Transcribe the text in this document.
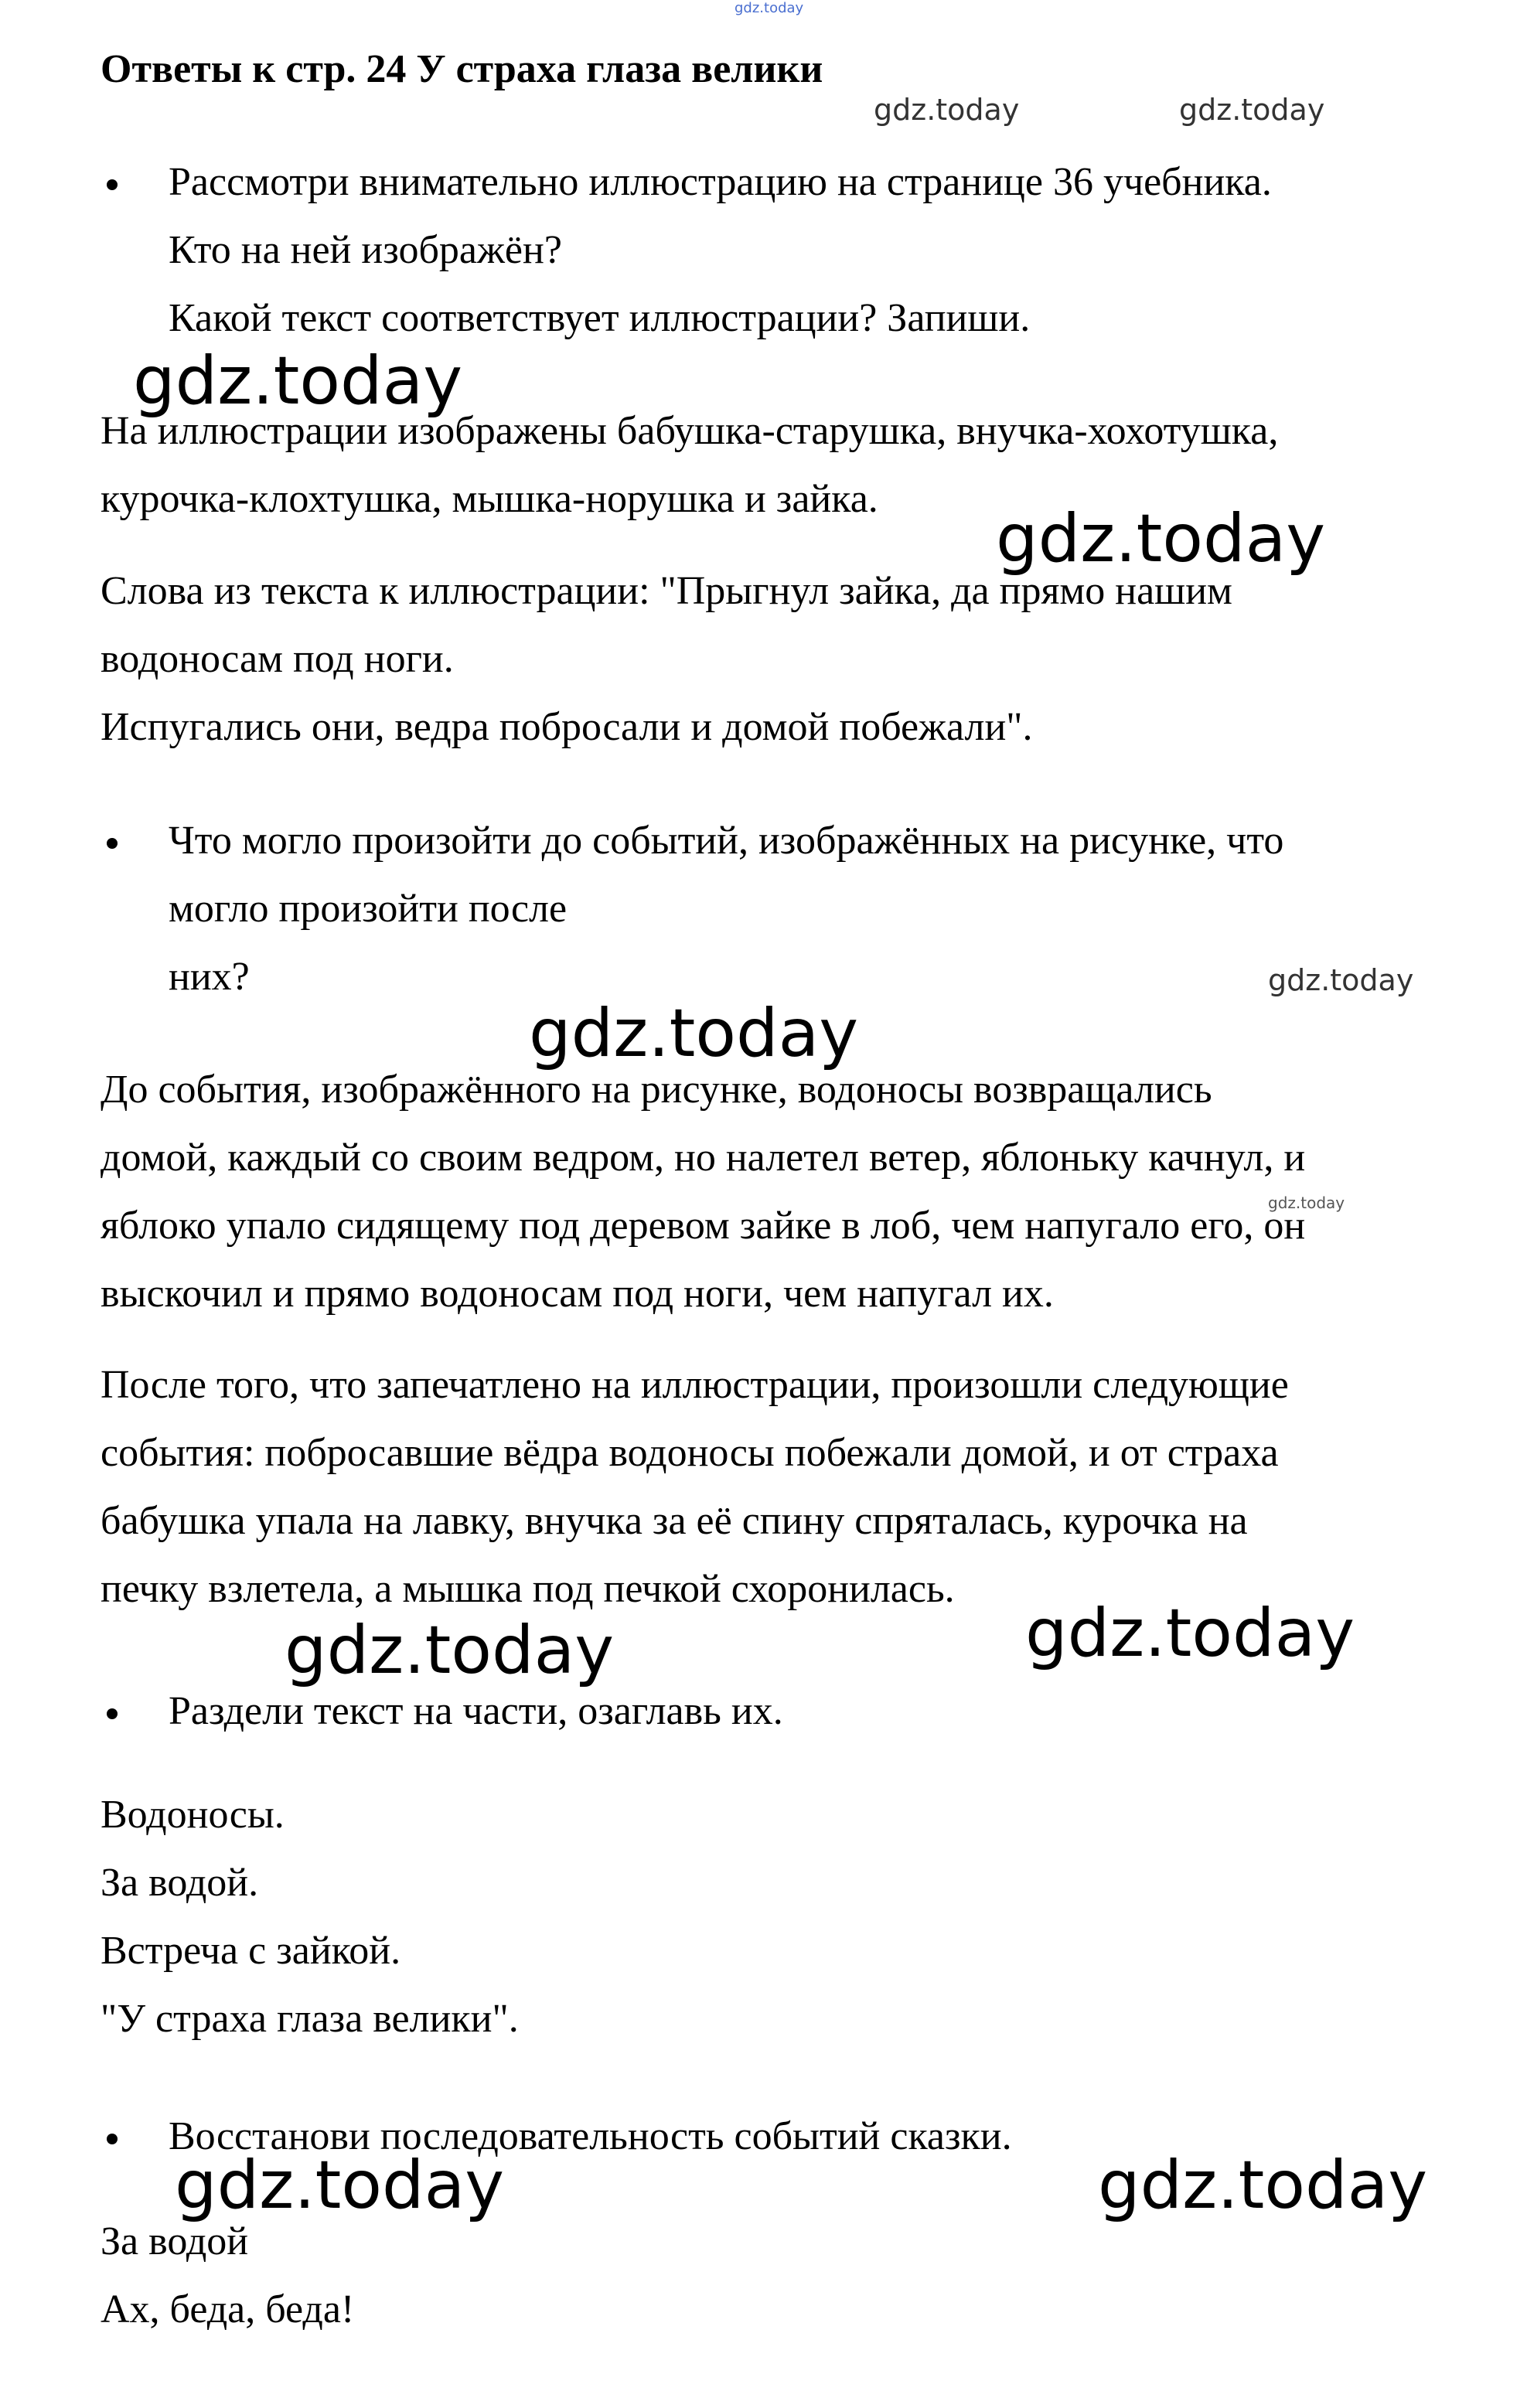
gdz.today
Ответы к стр. 24 У страха глаза велики
gdz.today	gdz.today
Рассмотри внимательно иллюстрацию на странице 36 учебника.
Кто на ней изображён?
Какой текст соответствует иллюстрации? Запиши.
gdz.today
На иллюстрации изображены бабушка-старушка, внучка-хохотушка,
курочка-клохтушка, мышка-норушка и зайка.
gdz.today
Слова из текста к иллюстрации: "Прыгнул зайка, да прямо нашим
водоносам под ноги.
Испугались они, ведра побросали и домой побежали".
Что могло произойти до событий, изображённых на рисунке, что
могло произойти после
них?	gdz.today
gdz.today
До события, изображённого на рисунке, водоносы возвращались
домой, каждый со своим ведром, но налетел ветер, яблоньку качнул, и
gdz.today
яблоко упало сидящему под деревом зайке в лоб, чем напугало его, он
выскочил и прямо водоносам под ноги, чем напугал их.
После того, что запечатлено на иллюстрации, произошли следующие
события: побросавшие вёдра водоносы побежали домой, и от страха
бабушка упала на лавку, внучка за её спину спряталась, курочка на
печку взлетела, а мышка под печкой схоронилась.
gdz.today
gdz.today
Раздели текст на части, озаглавь их.
Водоносы.
За водой.
Встреча с зайкой.
"У страха глаза велики".
Восстанови последовательность событий сказки.
gdz.today	gdz.today
За водой
Ах, беда, беда!
